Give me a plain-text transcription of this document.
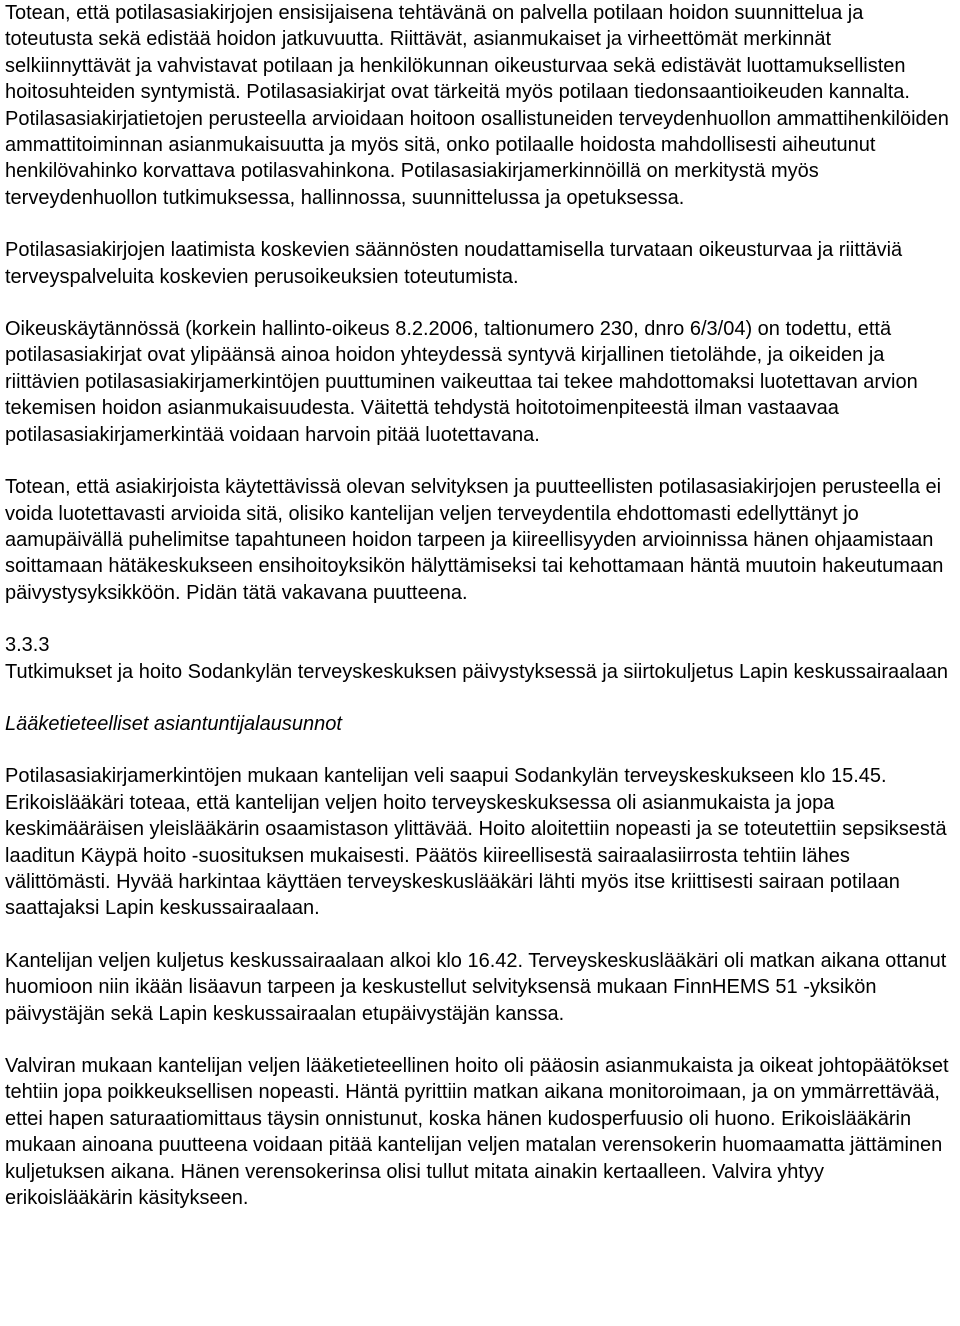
Totean, että potilasasiakirjojen ensisijaisena tehtävänä on palvella potilaan hoidon suunnittelua ja toteutusta sekä edistää hoidon jatkuvuutta. Riittävät, asianmukaiset ja virheettömät merkinnät selkiinnyttävät ja vahvistavat potilaan ja henkilökunnan oikeusturvaa sekä edistävät luottamuksellisten hoitosuhteiden syntymistä. Potilasasiakirjat ovat tärkeitä myös potilaan tiedonsaantioikeuden kannalta. Potilasasiakirjatietojen perusteella arvioidaan hoitoon osallistuneiden terveydenhuollon ammattihenkilöiden ammattitoiminnan asianmukaisuutta ja myös sitä, onko potilaalle hoidosta mahdollisesti aiheutunut henkilövahinko korvattava potilasvahinkona. Potilasasiakirjamerkinnöillä on merkitystä myös terveydenhuollon tutkimuksessa, hallinnossa, suunnittelussa ja opetuksessa.

Potilasasiakirjojen laatimista koskevien säännösten noudattamisella turvataan oikeusturvaa ja riittäviä terveyspalveluita koskevien perusoikeuksien toteutumista.

Oikeuskäytännössä (korkein hallinto-oikeus 8.2.2006, taltionumero 230, dnro 6/3/04) on todettu, että potilasasiakirjat ovat ylipäänsä ainoa hoidon yhteydessä syntyvä kirjallinen tietolähde, ja oikeiden ja riittävien potilasasiakirjamerkintöjen puuttuminen vaikeuttaa tai tekee mahdottomaksi luotettavan arvion tekemisen hoidon asianmukaisuudesta. Väitettä tehdystä hoitotoimenpiteestä ilman vastaavaa potilasasiakirjamerkintää voidaan harvoin pitää luotettavana.

Totean, että asiakirjoista käytettävissä olevan selvityksen ja puutteellisten potilasasiakirjojen perusteella ei voida luotettavasti arvioida sitä, olisiko kantelijan veljen terveydentila ehdottomasti edellyttänyt jo aamupäivällä puhelimitse tapahtuneen hoidon tarpeen ja kiireellisyyden arvioinnissa hänen ohjaamistaan soittamaan hätäkeskukseen ensihoitoyksikön hälyttämiseksi tai kehottamaan häntä muutoin hakeutumaan päivystysyksikköön. Pidän tätä vakavana puutteena.

3.3.3

Tutkimukset ja hoito Sodankylän terveyskeskuksen päivystyksessä ja siirtokuljetus Lapin keskussairaalaan

Lääketieteelliset asiantuntijalausunnot

Potilasasiakirjamerkintöjen mukaan kantelijan veli saapui Sodankylän terveyskeskukseen klo 15.45. Erikoislääkäri toteaa, että kantelijan veljen hoito terveyskeskuksessa oli asianmukaista ja jopa keskimääräisen yleislääkärin osaamistason ylittävää. Hoito aloitettiin nopeasti ja se toteutettiin sepsiksestä laaditun Käypä hoito -suosituksen mukaisesti. Päätös kiireellisestä sairaalasiirrosta tehtiin lähes välittömästi. Hyvää harkintaa käyttäen terveyskeskuslääkäri lähti myös itse kriittisesti sairaan potilaan saattajaksi Lapin keskussairaalaan.

Kantelijan veljen kuljetus keskussairaalaan alkoi klo 16.42. Terveyskeskuslääkäri oli matkan aikana ottanut huomioon niin ikään lisäavun tarpeen ja keskustellut selvityksensä mukaan FinnHEMS 51 -yksikön päivystäjän sekä Lapin keskussairaalan etupäivystäjän kanssa.

Valviran mukaan kantelijan veljen lääketieteellinen hoito oli pääosin asianmukaista ja oikeat johtopäätökset tehtiin jopa poikkeuksellisen nopeasti. Häntä pyrittiin matkan aikana monitoroimaan, ja on ymmärrettävää, ettei hapen saturaatiomittaus täysin onnistunut, koska hänen kudosperfuusio oli huono. Erikoislääkärin mukaan ainoana puutteena voidaan pitää kantelijan veljen matalan verensokerin huomaamatta jättäminen kuljetuksen aikana. Hänen verensokerinsa olisi tullut mitata ainakin kertaalleen. Valvira yhtyy erikoislääkärin käsitykseen.
